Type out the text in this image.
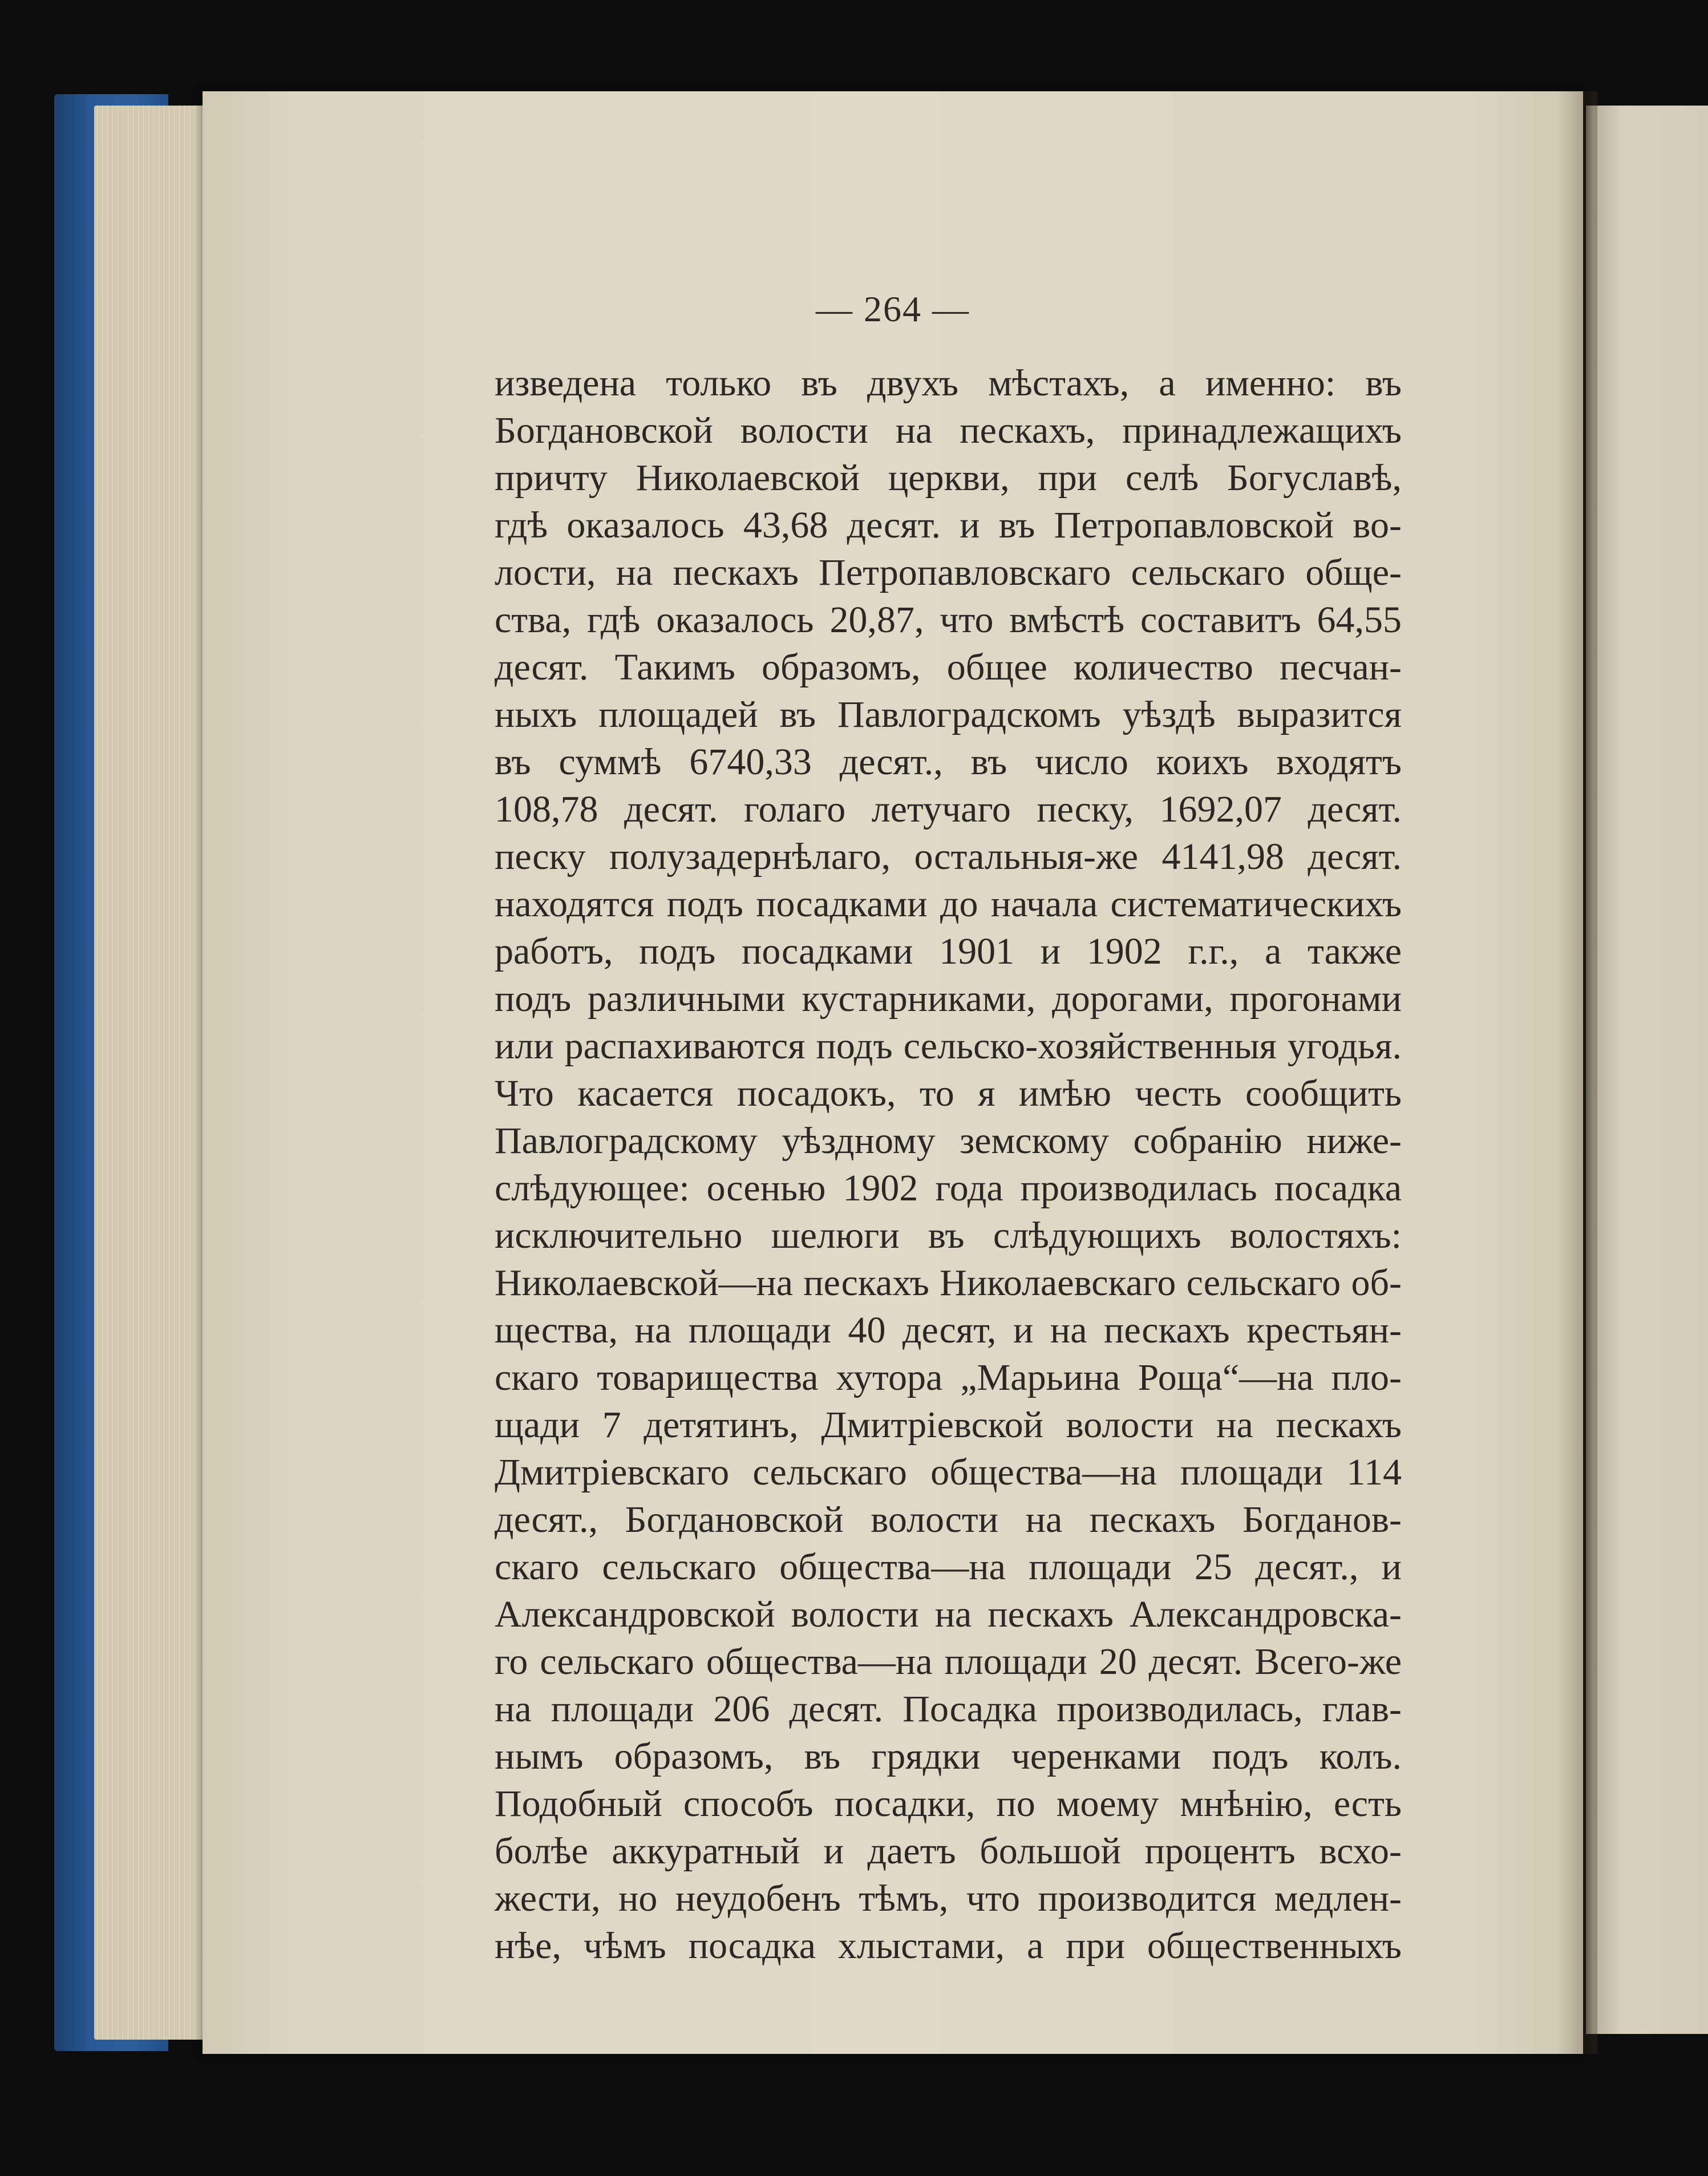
— 264 —
изведена только въ двухъ мѣстахъ, а именно: въ
Богдановской волости на пескахъ, принадлежащихъ
причту Николаевской церкви, при селѣ Богуславѣ,
гдѣ оказалось 43,68 десят. и въ Петропавловской во-
лости, на пескахъ Петропавловскаго сельскаго обще-
ства, гдѣ оказалось 20,87, что вмѣстѣ составитъ 64,55
десят. Такимъ образомъ, общее количество песчан-
ныхъ площадей въ Павлоградскомъ уѣздѣ выразится
въ суммѣ 6740,33 десят., въ число коихъ входятъ
108,78 десят. голаго летучаго песку, 1692,07 десят.
песку полузадернѣлаго, остальныя-же 4141,98 десят.
находятся подъ посадками до начала систематическихъ
работъ, подъ посадками 1901 и 1902 г.г., а также
подъ различными кустарниками, дорогами, прогонами
или распахиваются подъ сельско-хозяйственныя угодья.
Что касается посадокъ, то я имѣю честь сообщить
Павлоградскому уѣздному земскому собранію ниже-
слѣдующее: осенью 1902 года производилась посадка
исключительно шелюги въ слѣдующихъ волостяхъ:
Николаевской—на пескахъ Николаевскаго сельскаго об-
щества, на площади 40 десят, и на пескахъ крестьян-
скаго товарищества хутора „Марьина Роща“—на пло-
щади 7 детятинъ, Дмитріевской волости на пескахъ
Дмитріевскаго сельскаго общества—на площади 114
десят., Богдановской волости на пескахъ Богданов-
скаго сельскаго общества—на площади 25 десят., и
Александровской волости на пескахъ Александровска-
го сельскаго общества—на площади 20 десят. Всего-же
на площади 206 десят. Посадка производилась, глав-
нымъ образомъ, въ грядки черенками подъ колъ.
Подобный способъ посадки, по моему мнѣнію, есть
болѣе аккуратный и даетъ большой процентъ всхо-
жести, но неудобенъ тѣмъ, что производится медлен-
нѣе, чѣмъ посадка хлыстами, а при общественныхъ
